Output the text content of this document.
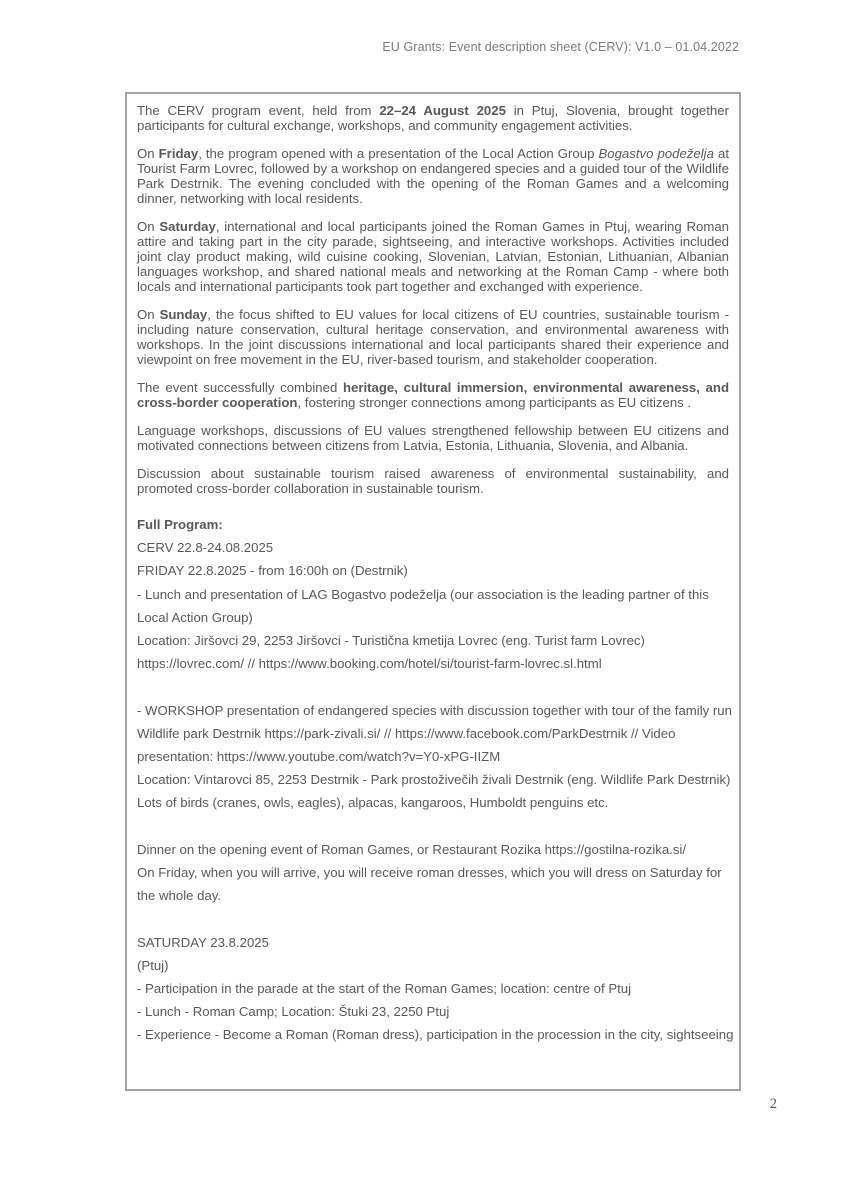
EU Grants: Event description sheet (CERV): V1.0 – 01.04.2022

The CERV program event, held from 22–24 August 2025 in Ptuj, Slovenia, brought together participants for cultural exchange, workshops, and community engagement activities.

On Friday, the program opened with a presentation of the Local Action Group Bogastvo podeželja at Tourist Farm Lovrec, followed by a workshop on endangered species and a guided tour of the Wildlife Park Destrnik. The evening concluded with the opening of the Roman Games and a welcoming dinner, networking with local residents.

On Saturday, international and local participants joined the Roman Games in Ptuj, wearing Roman attire and taking part in the city parade, sightseeing, and interactive workshops. Activities included joint clay product making, wild cuisine cooking, Slovenian, Latvian, Estonian, Lithuanian, Albanian languages workshop, and shared national meals and networking at the Roman Camp - where both locals and international participants took part together and exchanged with experience.

On Sunday, the focus shifted to EU values for local citizens of EU countries, sustainable tourism - including nature conservation, cultural heritage conservation, and environmental awareness with workshops. In the joint discussions international and local participants shared their experience and viewpoint on free movement in the EU, river-based tourism, and stakeholder cooperation.

The event successfully combined heritage, cultural immersion, environmental awareness, and cross-border cooperation, fostering stronger connections among participants as EU citizens .

Language workshops, discussions of EU values strengthened fellowship between EU citizens and motivated connections between citizens from Latvia, Estonia, Lithuania, Slovenia, and Albania.

Discussion about sustainable tourism raised awareness of environmental sustainability, and promoted cross-border collaboration in sustainable tourism.

Full Program:
CERV 22.8-24.08.2025
FRIDAY 22.8.2025 - from 16:00h on (Destrnik)
- Lunch and presentation of LAG Bogastvo podeželja (our association is the leading partner of this
Local Action Group)
Location: Jiršovci 29, 2253 Jiršovci - Turistična kmetija Lovrec (eng. Turist farm Lovrec)
https://lovrec.com/ // https://www.booking.com/hotel/si/tourist-farm-lovrec.sl.html

- WORKSHOP presentation of endangered species with discussion together with tour of the family run
Wildlife park Destrnik https://park-zivali.si/ // https://www.facebook.com/ParkDestrnik // Video
presentation: https://www.youtube.com/watch?v=Y0-xPG-IIZM
Location: Vintarovci 85, 2253 Destrnik - Park prostoživečih živali Destrnik (eng. Wildlife Park Destrnik)
Lots of birds (cranes, owls, eagles), alpacas, kangaroos, Humboldt penguins etc.

Dinner on the opening event of Roman Games, or Restaurant Rozika https://gostilna-rozika.si/
On Friday, when you will arrive, you will receive roman dresses, which you will dress on Saturday for
the whole day.

SATURDAY 23.8.2025
(Ptuj)
- Participation in the parade at the start of the Roman Games; location: centre of Ptuj
- Lunch - Roman Camp; Location: Štuki 23, 2250 Ptuj
- Experience - Become a Roman (Roman dress), participation in the procession in the city, sightseeing
2
